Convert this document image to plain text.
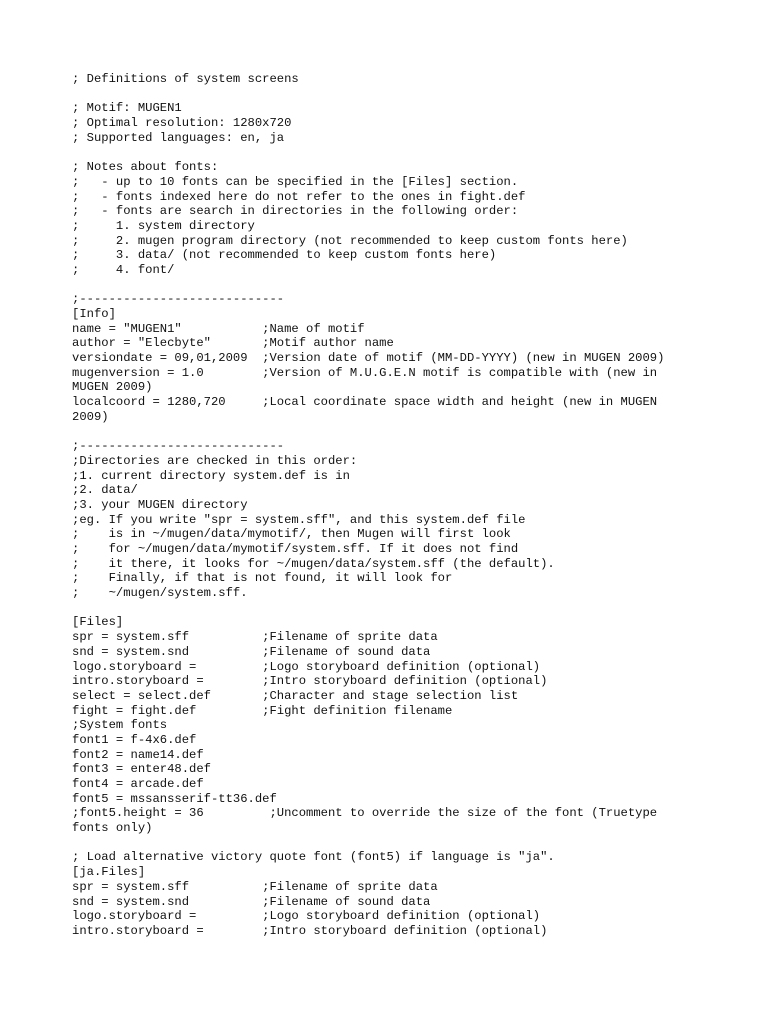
; Definitions of system screens
; Motif: MUGEN1
; Optimal resolution: 1280x720
; Supported languages: en, ja
; Notes about fonts:
;   - up to 10 fonts can be specified in the [Files] section.
;   - fonts indexed here do not refer to the ones in fight.def
;   - fonts are search in directories in the following order:
;     1. system directory
;     2. mugen program directory (not recommended to keep custom fonts here)
;     3. data/ (not recommended to keep custom fonts here)
;     4. font/
;----------------------------
[Info]
name = "MUGEN1"           ;Name of motif
author = "Elecbyte"       ;Motif author name
versiondate = 09,01,2009  ;Version date of motif (MM-DD-YYYY) (new in MUGEN 2009)
mugenversion = 1.0        ;Version of M.U.G.E.N motif is compatible with (new in
MUGEN 2009)
localcoord = 1280,720     ;Local coordinate space width and height (new in MUGEN
2009)
;----------------------------
;Directories are checked in this order:
;1. current directory system.def is in
;2. data/
;3. your MUGEN directory
;eg. If you write "spr = system.sff", and this system.def file
;    is in ~/mugen/data/mymotif/, then Mugen will first look
;    for ~/mugen/data/mymotif/system.sff. If it does not find
;    it there, it looks for ~/mugen/data/system.sff (the default).
;    Finally, if that is not found, it will look for
;    ~/mugen/system.sff.
[Files]
spr = system.sff          ;Filename of sprite data
snd = system.snd          ;Filename of sound data
logo.storyboard =         ;Logo storyboard definition (optional)
intro.storyboard =        ;Intro storyboard definition (optional)
select = select.def       ;Character and stage selection list
fight = fight.def         ;Fight definition filename
;System fonts
font1 = f-4x6.def
font2 = name14.def
font3 = enter48.def
font4 = arcade.def
font5 = mssansserif-tt36.def
;font5.height = 36         ;Uncomment to override the size of the font (Truetype
fonts only)
; Load alternative victory quote font (font5) if language is "ja".
[ja.Files]
spr = system.sff          ;Filename of sprite data
snd = system.snd          ;Filename of sound data
logo.storyboard =         ;Logo storyboard definition (optional)
intro.storyboard =        ;Intro storyboard definition (optional)
